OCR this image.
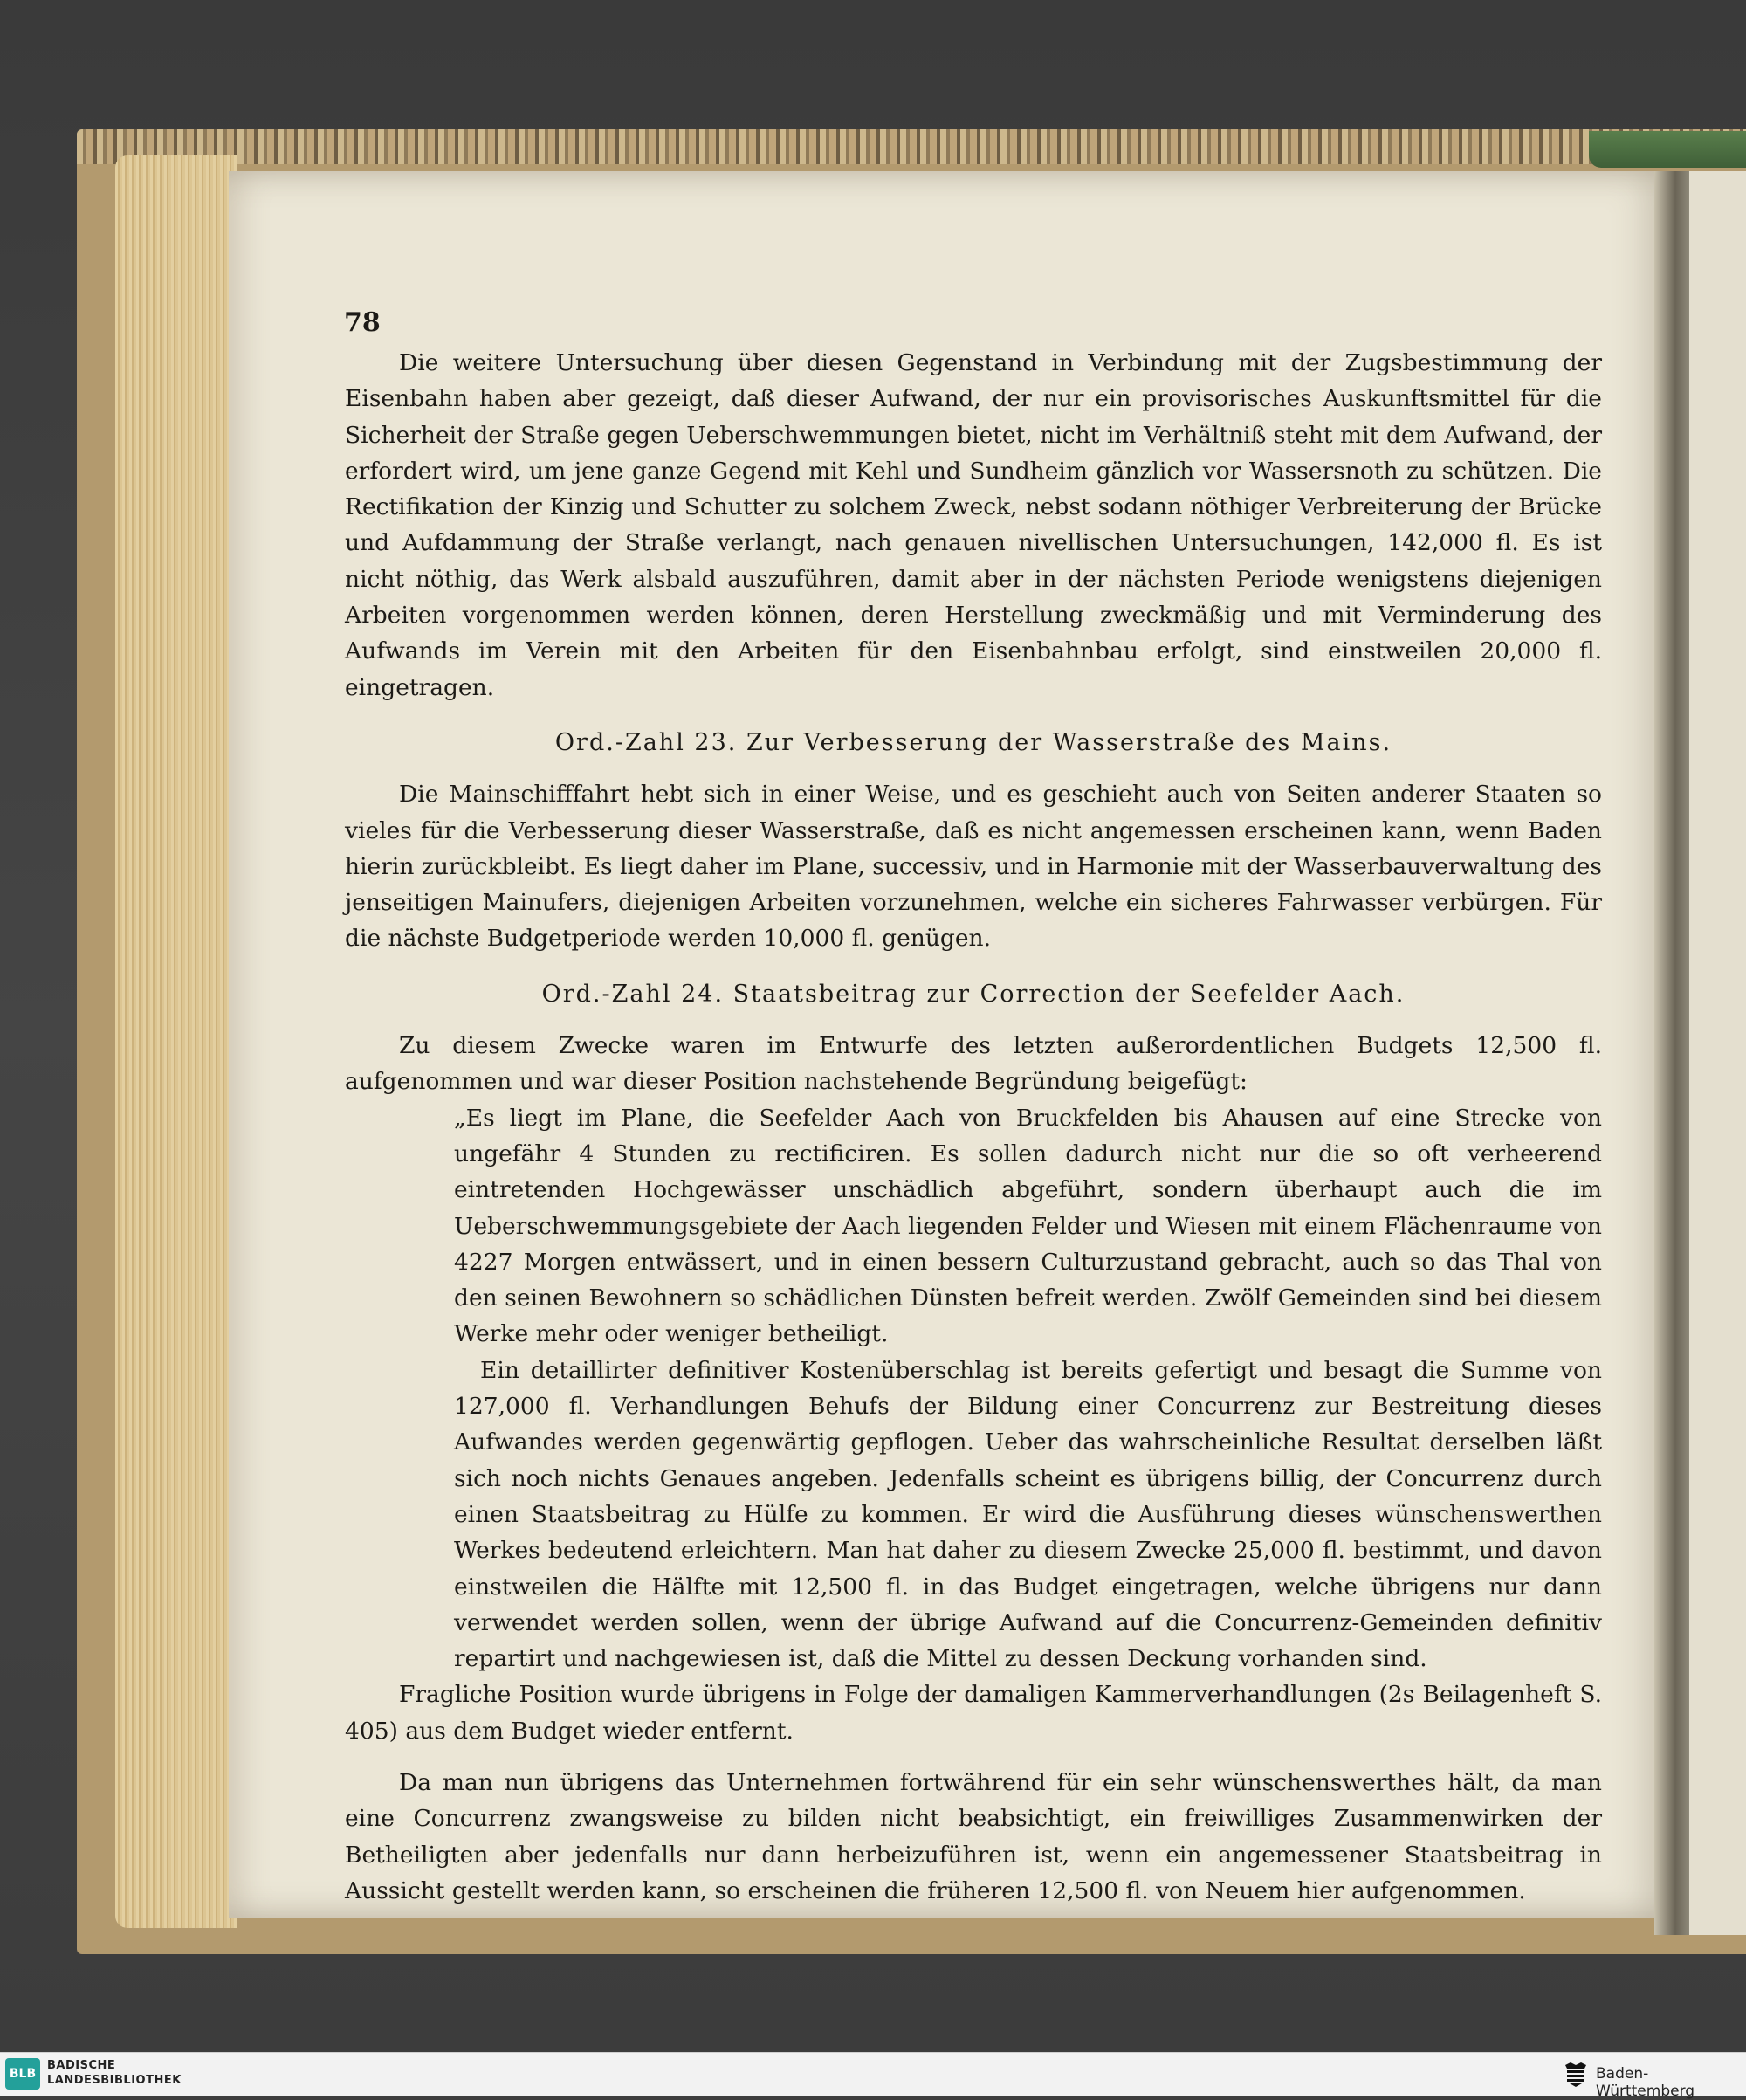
78

Die weitere Untersuchung über diesen Gegenstand in Verbindung mit der Zugsbestimmung der Eisenbahn haben aber gezeigt, daß dieser Aufwand, der nur ein provisorisches Auskunftsmittel für die Sicherheit der Straße gegen Ueberschwemmungen bietet, nicht im Verhältniß steht mit dem Aufwand, der erfordert wird, um jene ganze Gegend mit Kehl und Sundheim gänzlich vor Wassersnoth zu schützen. Die Rectifikation der Kinzig und Schutter zu solchem Zweck, nebst sodann nöthiger Verbreiterung der Brücke und Aufdammung der Straße verlangt, nach genauen nivellischen Untersuchungen, 142,000 fl. Es ist nicht nöthig, das Werk alsbald auszuführen, damit aber in der nächsten Periode wenigstens diejenigen Arbeiten vorgenommen werden können, deren Herstellung zweckmäßig und mit Verminderung des Aufwands im Verein mit den Arbeiten für den Eisenbahnbau erfolgt, sind einstweilen 20,000 fl. eingetragen.

Ord.-Zahl 23. Zur Verbesserung der Wasserstraße des Mains.

Die Mainschifffahrt hebt sich in einer Weise, und es geschieht auch von Seiten anderer Staaten so vieles für die Verbesserung dieser Wasserstraße, daß es nicht angemessen erscheinen kann, wenn Baden hierin zurückbleibt. Es liegt daher im Plane, successiv, und in Harmonie mit der Wasserbauverwaltung des jenseitigen Mainufers, diejenigen Arbeiten vorzunehmen, welche ein sicheres Fahrwasser verbürgen. Für die nächste Budgetperiode werden 10,000 fl. genügen.

Ord.-Zahl 24. Staatsbeitrag zur Correction der Seefelder Aach.

Zu diesem Zwecke waren im Entwurfe des letzten außerordentlichen Budgets 12,500 fl. aufgenommen und war dieser Position nachstehende Begründung beigefügt:

„Es liegt im Plane, die Seefelder Aach von Bruckfelden bis Ahausen auf eine Strecke von ungefähr 4 Stunden zu rectificiren. Es sollen dadurch nicht nur die so oft verheerend eintretenden Hochgewässer unschädlich abgeführt, sondern überhaupt auch die im Ueberschwemmungsgebiete der Aach liegenden Felder und Wiesen mit einem Flächenraume von 4227 Morgen entwässert, und in einen bessern Culturzustand gebracht, auch so das Thal von den seinen Bewohnern so schädlichen Dünsten befreit werden. Zwölf Gemeinden sind bei diesem Werke mehr oder weniger betheiligt.

Ein detaillirter definitiver Kostenüberschlag ist bereits gefertigt und besagt die Summe von 127,000 fl. Verhandlungen Behufs der Bildung einer Concurrenz zur Bestreitung dieses Aufwandes werden gegenwärtig gepflogen. Ueber das wahrscheinliche Resultat derselben läßt sich noch nichts Genaues angeben. Jedenfalls scheint es übrigens billig, der Concurrenz durch einen Staatsbeitrag zu Hülfe zu kommen. Er wird die Ausführung dieses wünschenswerthen Werkes bedeutend erleichtern. Man hat daher zu diesem Zwecke 25,000 fl. bestimmt, und davon einstweilen die Hälfte mit 12,500 fl. in das Budget eingetragen, welche übrigens nur dann verwendet werden sollen, wenn der übrige Aufwand auf die Concurrenz-Gemeinden definitiv repartirt und nachgewiesen ist, daß die Mittel zu dessen Deckung vorhanden sind.

Fragliche Position wurde übrigens in Folge der damaligen Kammerverhandlungen (2s Beilagenheft S. 405) aus dem Budget wieder entfernt.

Da man nun übrigens das Unternehmen fortwährend für ein sehr wünschenswerthes hält, da man eine Concurrenz zwangsweise zu bilden nicht beabsichtigt, ein freiwilliges Zusammenwirken der Betheiligten aber jedenfalls nur dann herbeizuführen ist, wenn ein angemessener Staatsbeitrag in Aussicht gestellt werden kann, so erscheinen die früheren 12,500 fl. von Neuem hier aufgenommen.

BLB
BADISCHE
LANDESBIBLIOTHEK	Baden-Württemberg
